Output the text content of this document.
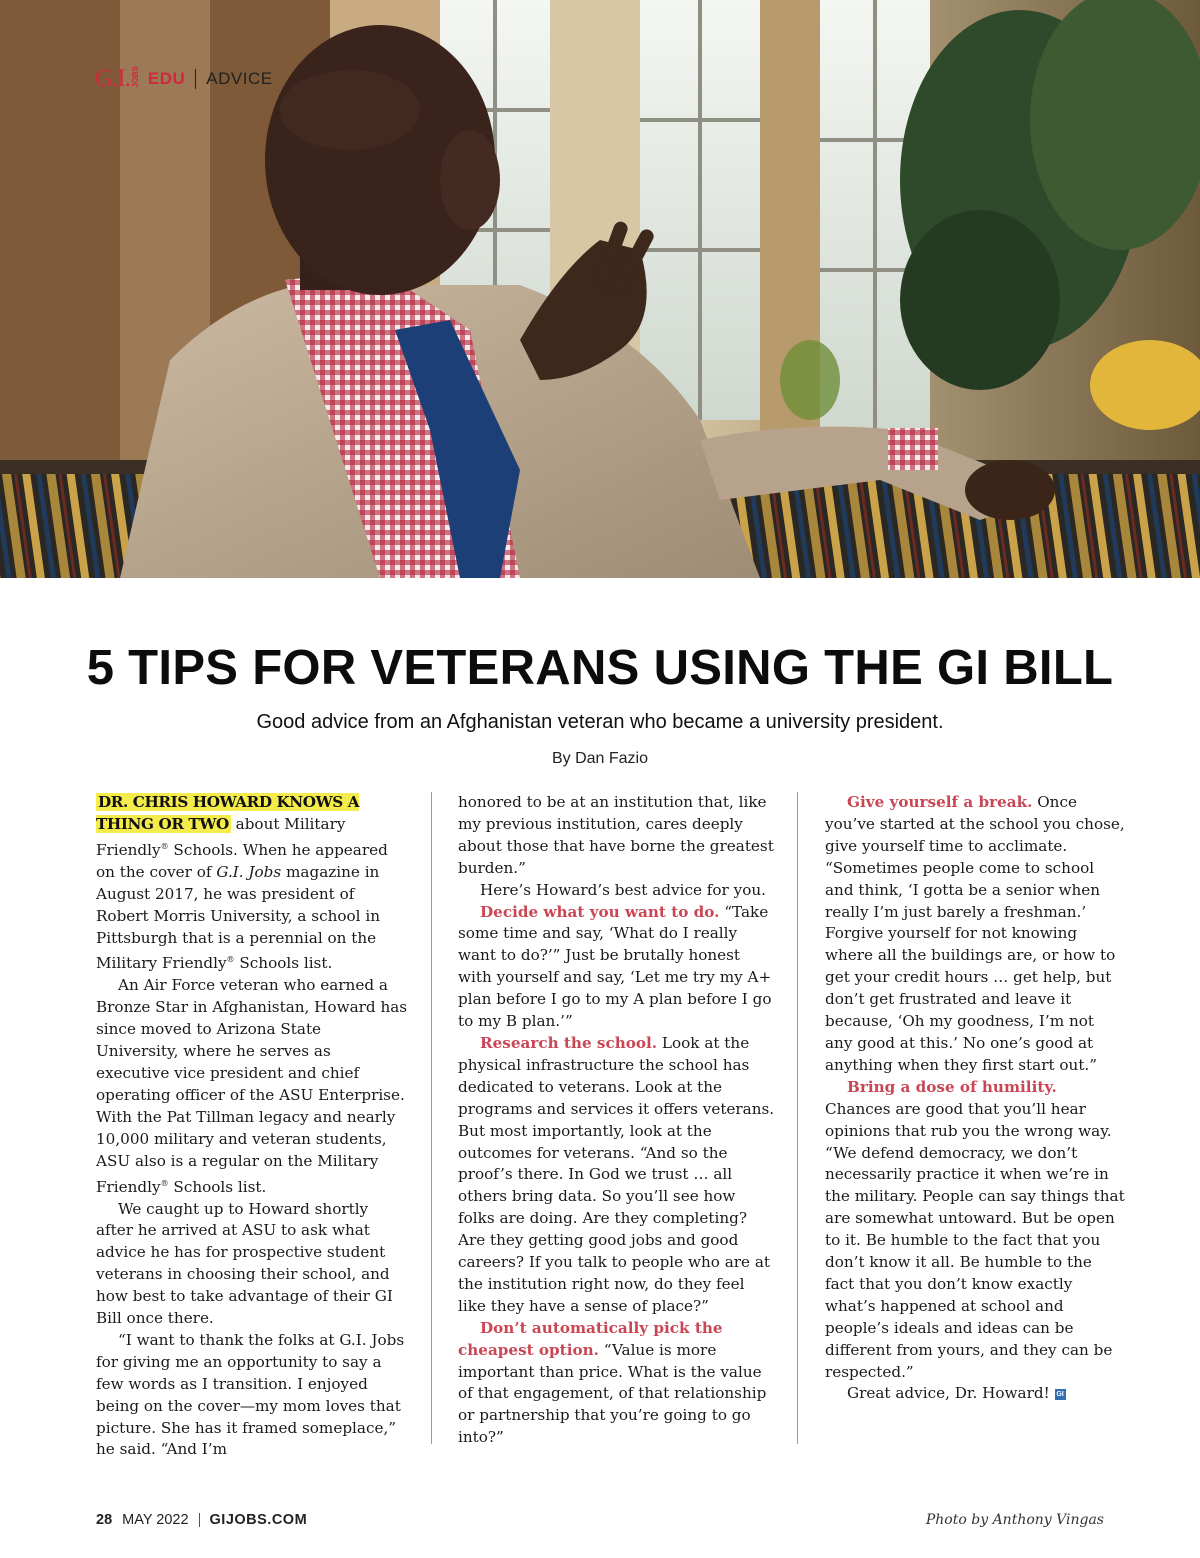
G.I. JOBS EDU ADVICE
5 TIPS FOR VETERANS USING THE GI BILL

Good advice from an Afghanistan veteran who became a university president.

By Dan Fazio

DR. CHRIS HOWARD KNOWS A THING OR TWO about Military Friendly® Schools. When he appeared on the cover of G.I. Jobs magazine in August 2017, he was president of Robert Morris University, a school in Pittsburgh that is a perennial on the Military Friendly® Schools list.

An Air Force veteran who earned a Bronze Star in Afghanistan, Howard has since moved to Arizona State University, where he serves as executive vice president and chief operating officer of the ASU Enterprise. With the Pat Tillman legacy and nearly 10,000 military and veteran students, ASU also is a regular on the Military Friendly® Schools list.

We caught up to Howard shortly after he arrived at ASU to ask what advice he has for prospective student veterans in choosing their school, and how best to take advantage of their GI Bill once there.

“I want to thank the folks at G.I. Jobs for giving me an opportunity to say a few words as I transition. I enjoyed being on the cover—my mom loves that picture. She has it framed someplace,” he said. “And I’m

honored to be at an institution that, like my previous institution, cares deeply about those that have borne the greatest burden.”

Here’s Howard’s best advice for you.

Decide what you want to do. “Take some time and say, ‘What do I really want to do?’” Just be brutally honest with yourself and say, ‘Let me try my A+ plan before I go to my A plan before I go to my B plan.’”

Research the school. Look at the physical infrastructure the school has dedicated to veterans. Look at the programs and services it offers veterans. But most importantly, look at the outcomes for veterans. “And so the proof’s there. In God we trust … all others bring data. So you’ll see how folks are doing. Are they completing? Are they getting good jobs and good careers? If you talk to people who are at the institution right now, do they feel like they have a sense of place?”

Don’t automatically pick the cheapest option. “Value is more important than price. What is the value of that engagement, of that relationship or partnership that you’re going to go into?”

Give yourself a break. Once you’ve started at the school you chose, give yourself time to acclimate. “Sometimes people come to school and think, ‘I gotta be a senior when really I’m just barely a freshman.’ Forgive yourself for not knowing where all the buildings are, or how to get your credit hours … get help, but don’t get frustrated and leave it because, ‘Oh my goodness, I’m not any good at this.’ No one’s good at anything when they first start out.”

Bring a dose of humility. Chances are good that you’ll hear opinions that rub you the wrong way. “We defend democracy, we don’t necessarily practice it when we’re in the military. People can say things that are somewhat untoward. But be open to it. Be humble to the fact that you don’t know it all. Be humble to the fact that you don’t know exactly what’s happened at school and people’s ideals and ideas can be different from yours, and they can be respected.”

Great advice, Dr. Howard! GI

28 MAY 2022 GIJOBS.COM	Photo by Anthony Vingas
